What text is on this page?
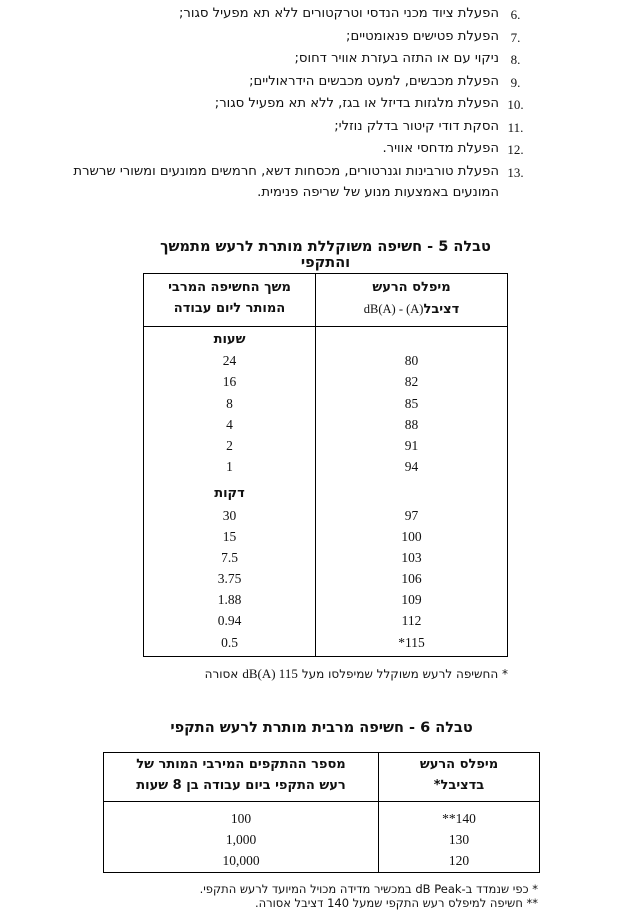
6.
הפעלת ציוד מכני הנדסי וטרקטורים ללא תא מפעיל סגור;
7.
הפעלת פטישים פנאומטיים;
8.
ניקוי עם או התזה בעזרת אוויר דחוס;
9.
הפעלת מכבשים, למעט מכבשים הידראוליים;
10.
הפעלת מלגזות בדיזל או בגז, ללא תא מפעיל סגור;
11.
הסקת דודי קיטור בדלק נוזלי;
12.
הפעלת מדחסי אוויר.
13.
הפעלת טורבינות וגנרטורים, מכסחות דשא, חרמשים ממונעים ומשורי שרשרת המונעים באמצעות מנוע של שריפה פנימית.
טבלה 5 - חשיפה משוקללת מותרת לרעש מתמשך והתקפי
מיפלס הרעש
דציבלdB(A) - (A)
80
82
85
88
91
94
97
100
103
106
109
112
*115
משך החשיפה המרבי
המותר ליום עבודה
שעות
24
16
8
4
2
1
דקות
30
15
7.5
3.75
1.88
0.94
0.5
* החשיפה לרעש משוקלל שמיפלסו מעלdB(A) 115אסורה
טבלה 6 - חשיפה מרבית מותרת לרעש התקפי
מיפלס הרעש
בדציבל*
**140
130
120
מספר ההתקפים המירבי המותר של
רעש התקפי ביום עבודה בן 8 שעות
100
1,000
10,000
* כפי שנמדד ב-dB Peak במכשיר מדידה מכויל המיועד לרעש התקפי.
** חשיפה למיפלס רעש התקפי שמעל 140 דציבל אסורה.
